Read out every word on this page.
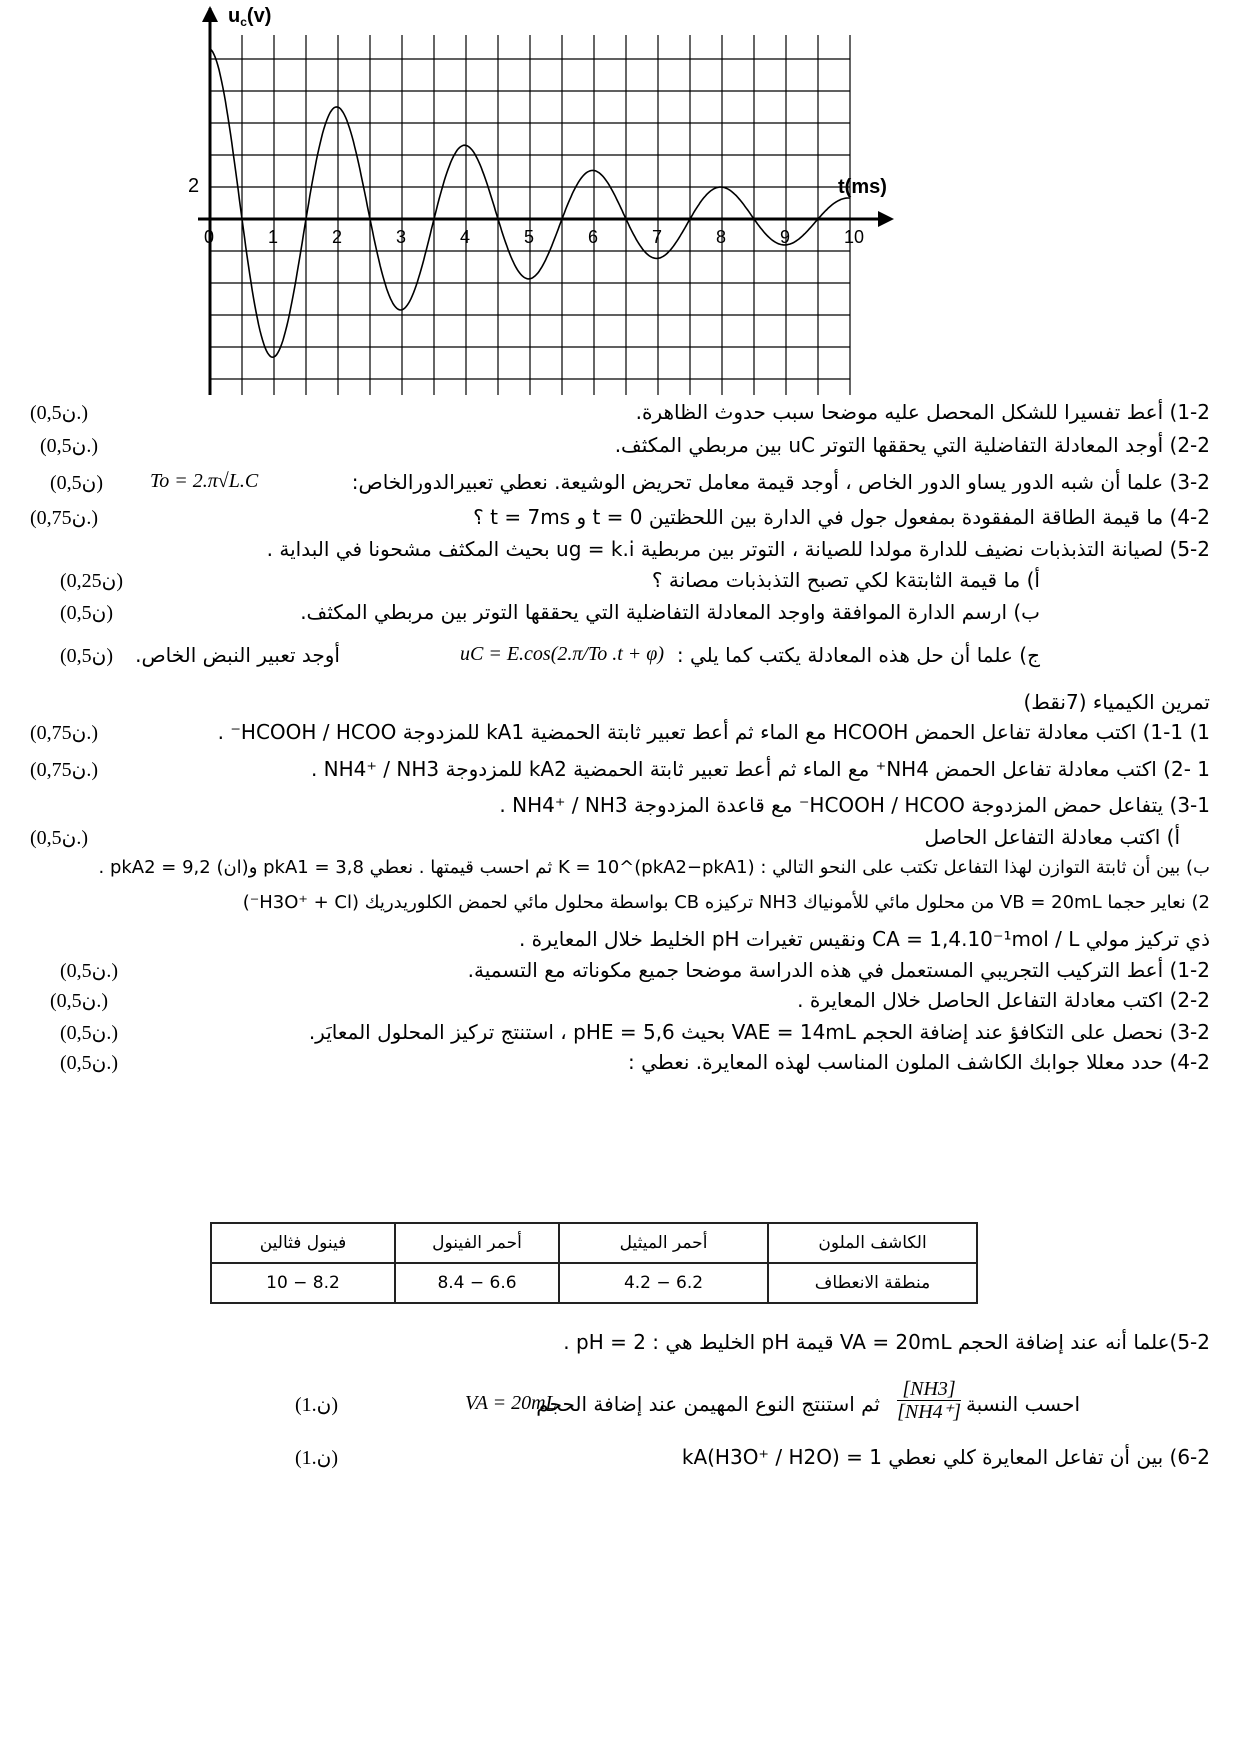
$u_c(v)$
t(ms)
2
0	1	2	3	4	5	6	7	8	9	10
1-2) أعط تفسيرا للشكل المحصل عليه موضحا سبب حدوث الظاهرة.
(0,5ن.)
2-2) أوجد المعادلة التفاضلية التي يحققها التوتر uC بين مربطي المكثف.
(0,5ن.)
3-2) علما أن شبه الدور يساو الدور الخاص ، أوجد قيمة معامل تحريض الوشيعة. نعطي تعبيرالدورالخاص:
To = 2.π√L.C
(0,5ن)
4-2) ما قيمة الطاقة المفقودة بمفعول جول في الدارة بين اللحظتين t = 0 و t = 7ms ؟
(0,75ن.)
5-2) لصيانة التذبذبات نضيف للدارة مولدا للصيانة ، التوتر بين مربطية ug = k.i بحيث المكثف مشحونا في البداية .
أ) ما قيمة الثابتةk لكي تصبح التذبذبات مصانة ؟
(0,25ن)
ب) ارسم الدارة الموافقة واوجد المعادلة التفاضلية التي يحققها التوتر بين مربطي المكثف.
(0,5ن)
ج) علما أن حل هذه المعادلة يكتب كما يلي :
uC = E.cos(2.π/To .t + φ)
أوجد تعبير النبض الخاص.
(0,5ن)
تمرين الكيمياء (7نقط)
1) 1-1) اكتب معادلة تفاعل الحمض HCOOH مع الماء ثم أعط تعبير ثابتة الحمضية kA1 للمزدوجة HCOOH / HCOO⁻ .
(0,75ن.)
1 -2) اكتب معادلة تفاعل الحمض NH4⁺ مع الماء ثم أعط تعبير ثابتة الحمضية kA2 للمزدوجة NH4⁺ / NH3 .
(0,75ن.)
3-1) يتفاعل حمض المزدوجة HCOOH / HCOO⁻ مع قاعدة المزدوجة NH4⁺ / NH3 .
أ) اكتب معادلة التفاعل الحاصل
(0,5ن.)
ب) بين أن ثابتة التوازن لهذا التفاعل تكتب على النحو التالي : K = 10^(pkA2−pkA1) ثم احسب قيمتها . نعطي pkA1 = 3,8 و(ان) pkA2 = 9,2 .
2) نعاير حجما VB = 20mL من محلول مائي للأمونياك NH3 تركيزه CB بواسطة محلول مائي لحمض الكلوريدريك (H3O⁺ + Cl⁻)
ذي تركيز مولي CA = 1,4.10⁻¹mol / L ونقيس تغيرات pH الخليط خلال المعايرة .
1-2) أعط التركيب التجريبي المستعمل في هذه الدراسة موضحا جميع مكوناته مع التسمية.
(0,5ن.)
2-2) اكتب معادلة التفاعل الحاصل خلال المعايرة .
(0,5ن.)
3-2) نحصل على التكافؤ عند إضافة الحجم VAE = 14mL بحيث pHE = 5,6 ، استنتج تركيز المحلول المعايَر.
(0,5ن.)
4-2) حدد معللا جوابك الكاشف الملون المناسب لهذه المعايرة. نعطي :
(0,5ن.)
فينول فثالين	أحمر الفينول	أحمر الميثيل	الكاشف الملون
10 − 8.2	8.4 − 6.6	4.2 − 6.2	منطقة الانعطاف
5-2)علما أنه عند إضافة الحجم VA = 20mL قيمة pH الخليط هي : pH = 2 .
احسب النسبة
$\frac{[NH3]}{[NH4^+]}$
ثم استنتج النوع المهيمن عند إضافة الحجم
VA = 20mL
(1.ن)
6-2) بين أن تفاعل المعايرة كلي نعطي kA(H3O⁺ / H2O) = 1
(1.ن)
